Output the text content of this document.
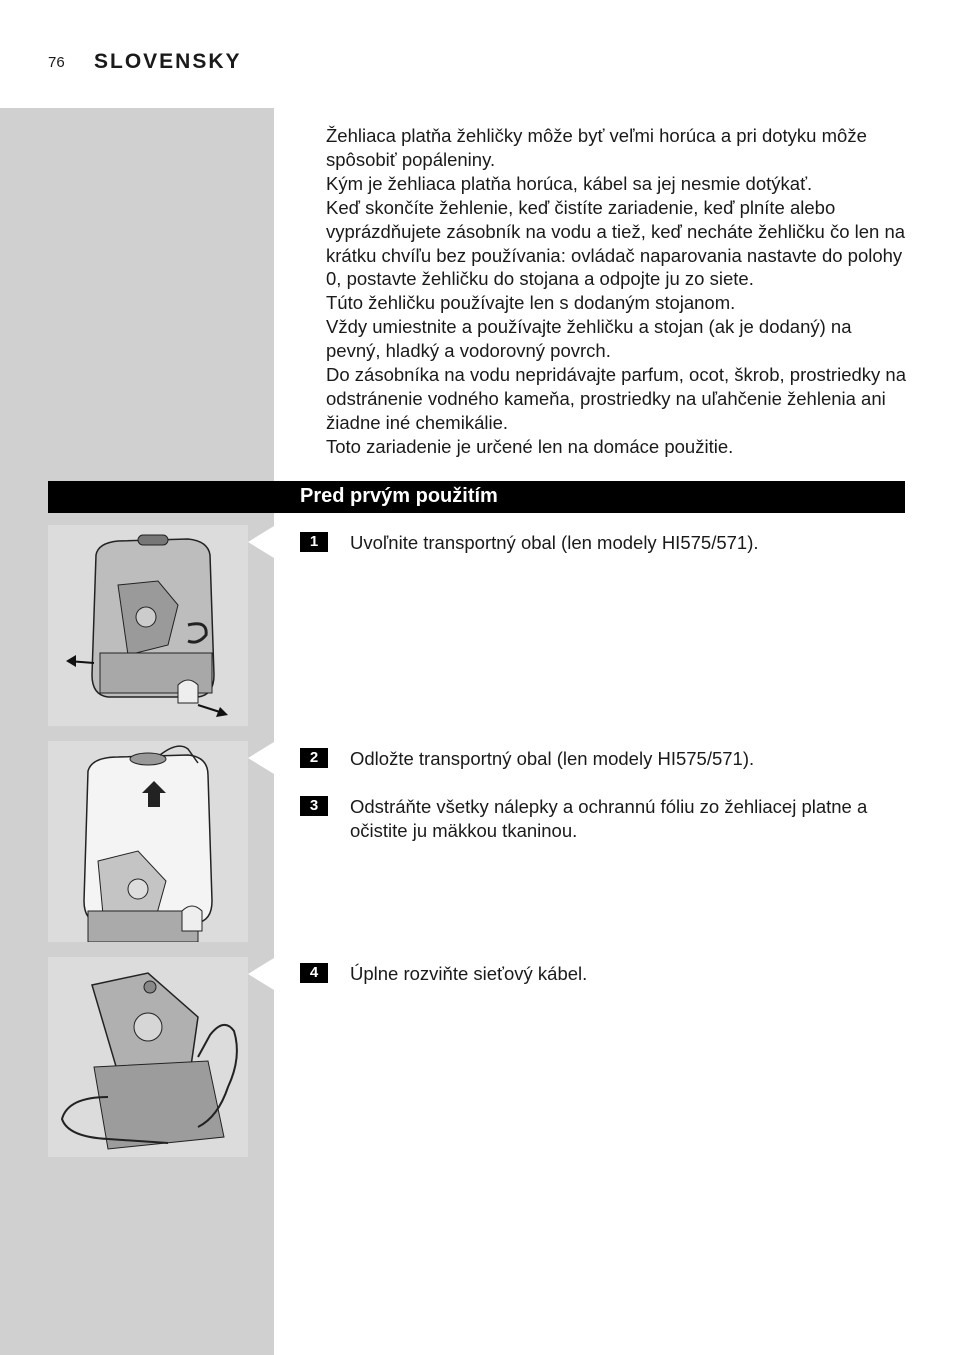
76 SLOVENSKY

Žehliaca platňa žehličky môže byť veľmi horúca a pri dotyku môže spôsobiť popáleniny.

Kým je žehliaca platňa horúca, kábel sa jej nesmie dotýkať.

Keď skončíte žehlenie, keď čistíte zariadenie, keď plníte alebo vyprázdňujete zásobník na vodu a tiež, keď necháte žehličku čo len na krátku chvíľu bez používania: ovládač naparovania nastavte do polohy 0, postavte žehličku do stojana a odpojte ju zo siete.

Túto žehličku používajte len s dodaným stojanom.

Vždy umiestnite a používajte žehličku a stojan (ak je dodaný) na pevný, hladký a vodorovný povrch.

Do zásobníka na vodu nepridávajte parfum, ocot, škrob, prostriedky na odstránenie vodného kameňa, prostriedky na uľahčenie žehlenia ani žiadne iné chemikálie.

Toto zariadenie je určené len na domáce použitie.

Pred prvým použitím
1	Uvoľnite transportný obal (len modely HI575/571).
2	Odložte transportný obal (len modely HI575/571).
3	Odstráňte všetky nálepky a ochrannú fóliu zo žehliacej platne a očistite ju mäkkou tkaninou.
4	Úplne rozviňte sieťový kábel.
